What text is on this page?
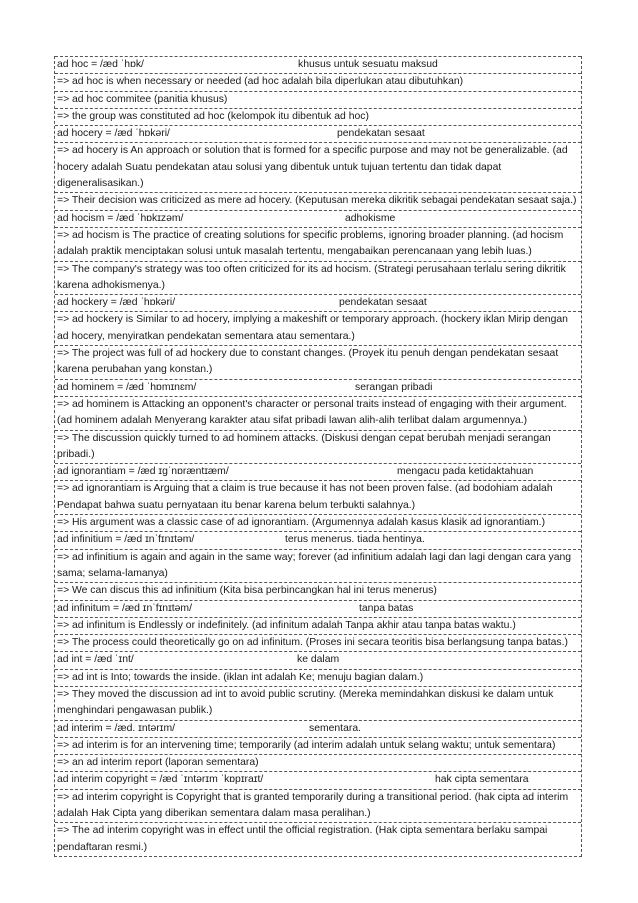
ad hoc = /æd ˈhɒk/	khusus untuk sesuatu maksud

=> ad hoc is when necessary or needed (ad hoc adalah bila diperlukan atau dibutuhkan)
=> ad hoc commitee (panitia khusus)
=> the group was constituted ad hoc (kelompok itu dibentuk ad hoc)
ad hocery = /æd ˈhɒkəri/	pendekatan sesaat

=> ad hocery is An approach or solution that is formed for a specific purpose and may not be generalizable. (ad hocery adalah Suatu pendekatan atau solusi yang dibentuk untuk tujuan tertentu dan tidak dapat digeneralisasikan.)
=> Their decision was criticized as mere ad hocery. (Keputusan mereka dikritik sebagai pendekatan sesaat saja.)
ad hocism = /æd ˈhɒkɪzəm/	adhokisme

=> ad hocism is The practice of creating solutions for specific problems, ignoring broader planning. (ad hocism adalah praktik menciptakan solusi untuk masalah tertentu, mengabaikan perencanaan yang lebih luas.)
=> The company's strategy was too often criticized for its ad hocism. (Strategi perusahaan terlalu sering dikritik karena adhokismenya.)
ad hockery = /æd ˈhɒkəri/	pendekatan sesaat

=> ad hockery is Similar to ad hocery, implying a makeshift or temporary approach. (hockery iklan Mirip dengan ad hocery, menyiratkan pendekatan sementara atau sementara.)
=> The project was full of ad hockery due to constant changes. (Proyek itu penuh dengan pendekatan sesaat karena perubahan yang konstan.)
ad hominem = /æd ˈhɒmɪnɛm/	serangan pribadi

=> ad hominem is Attacking an opponent's character or personal traits instead of engaging with their argument. (ad hominem adalah Menyerang karakter atau sifat pribadi lawan alih-alih terlibat dalam argumennya.)
=> The discussion quickly turned to ad hominem attacks. (Diskusi dengan cepat berubah menjadi serangan pribadi.)
ad ignorantiam = /æd ɪgˈnɒræntɪæm/	mengacu pada ketidaktahuan

=> ad ignorantiam is Arguing that a claim is true because it has not been proven false. (ad bodohiam adalah Pendapat bahwa suatu pernyataan itu benar karena belum terbukti salahnya.)
=> His argument was a classic case of ad ignorantiam. (Argumennya adalah kasus klasik ad ignorantiam.)
ad infinitium = /æd ɪnˈfɪnɪtəm/	terus menerus. tiada hentinya.

=> ad infinitium is again and again in the same way; forever (ad infinitium adalah lagi dan lagi dengan cara yang sama; selama-lamanya)
=> We can discus this ad infinitium (Kita bisa perbincangkan hal ini terus menerus)
ad infinitum = /æd ɪnˈfɪnɪtəm/	tanpa batas

=> ad infinitum is Endlessly or indefinitely. (ad infinitum adalah Tanpa akhir atau tanpa batas waktu.)
=> The process could theoretically go on ad infinitum. (Proses ini secara teoritis bisa berlangsung tanpa batas.)
ad int = /æd ˈɪnt/	ke dalam

=> ad int is Into; towards the inside. (iklan int adalah Ke; menuju bagian dalam.)
=> They moved the discussion ad int to avoid public scrutiny. (Mereka memindahkan diskusi ke dalam untuk menghindari pengawasan publik.)
ad interim = /æd. ɪntərɪm/	sementara.

=> ad interim is for an intervening time; temporarily (ad interim adalah untuk selang waktu; untuk sementara)
=> an ad interim report (laporan sementara)
ad interim copyright = /æd ˈɪntərɪm ˈkɒpɪraɪt/	hak cipta sementara

=> ad interim copyright is Copyright that is granted temporarily during a transitional period. (hak cipta ad interim adalah Hak Cipta yang diberikan sementara dalam masa peralihan.)
=> The ad interim copyright was in effect until the official registration. (Hak cipta sementara berlaku sampai pendaftaran resmi.)
